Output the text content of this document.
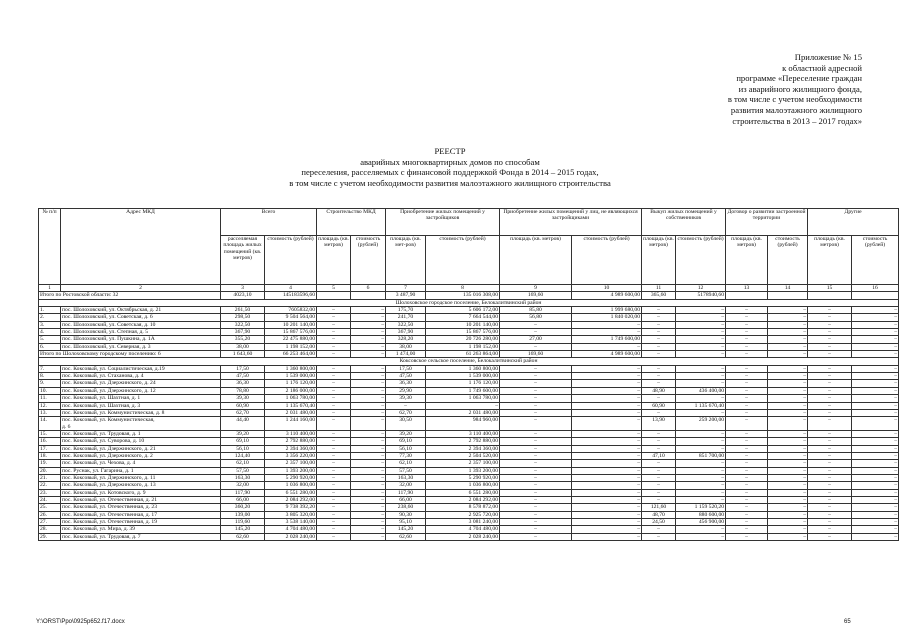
Приложение № 15
к областной адресной
программе «Переселение граждан
из аварийного жилищного фонда,
в том числе с учетом необходимости
развития малоэтажного жилищного
строительства в 2013 – 2017 годах»
РЕЕСТР
аварийных многоквартирных домов по способам
переселения, расселяемых с финансовой поддержкой Фонда в 2014 – 2015 годах,
в том числе с учетом необходимости развития малоэтажного жилищного строительства
№ п/п	Адрес МКД	Всего		Строительство МКД		Приобретение жилых помещений у застройщиков		Приобретение жилых помещений у лиц, не являющихся застройщиками		Выкуп жилых помещений у собственников		Договор о развитии застроенной территории		Другие	
		расселяемая площадь жилых помещений (кв. метров)	стоимость (рублей)	площадь (кв. метров)	стоимость (рублей)	площадь (кв. мет-ров)	стоимость (рублей)	площадь (кв. метров)	стоимость (рублей)	площадь (кв. метров)	стоимость (рублей)	площадь (кв. метров)	стоимость (рублей)	площадь (кв. метров)	стоимость (рублей)
1	2	3	4	5	6	7	8	9	10	11	12	13	14	15	16
Итого по Ростовской области: 32		4023,10	145183596,60			3 487,90	135 016 308,00	169,60	4 989 600,00	365,60	5178940,60				
Шолоховское городское поселение, Белокалитвинский район															
1.	пос. Шолоховский, ул. Октябрьская, д. 21	261,50	7605832,00	–	–	175,70	5 606 172,00	85,80	1 999 680,00	–	–	–	–	–	–
2.	пос. Шолоховский, ул. Советская, д. 6	298,50	9 504 564,00	–	–	241,70	7 664 544,00	56,80	1 840 020,00	–	–	–	–	–	–
3.	пос. Шолоховский, ул. Советская, д. 10	322,50	10 201 140,00	–	–	322,50	10 201 140,00	–	–	–	–	–	–	–	–
4.	пос. Шолоховский, ул. Степная, д. 5	367,90	15 867 576,00	–	–	367,90	15 867 576,00	–	–	–	–	–	–	–	–
5.	пос. Шолоховский, ул. Пушкина, д. 1А	355,20	22 475 880,00	–	–	328,20	20 726 280,00	27,00	1 749 600,00	–	–	–	–	–	–
6.	пос. Шолоховский, ул. Северная, д. 3	38,00	1 198 152,00	–	–	38,00	1 198 152,00	–	–	–	–	–	–	–	–
Итого по Шолоховскому городскому поселению: 6		1 643,60	66 253 464,00	–	–	1 474,00	61 263 864,00	169,60	4 989 600,00	–	–	–	–	–	–
Коксовское сельское поселение, Белокалитвинский район															
7.	пос. Коксовый, ул. Социалистическая, д.19	17,50	1 360 800,00	–	–	17,50	1 360 800,00	–	–	–	–	–	–	–	–
8.	пос. Коксовый, ул. Стаханова, д. 4	47,50	1 539 000,00	–	–	47,50	1 539 000,00	–	–	–	–	–	–	–	–
9.	пос. Коксовый, ул. Дзержинского, д. 24	36,30	1 176 120,00	–	–	36,30	1 176 120,00	–	–	–	–	–	–	–	–
10.	пос. Коксовый, ул. Дзержинского, д. 12	78,80	2 186 000,00	–	–	29,90	1 749 600,00	–	–	48,90	436 400,00	–	–	–	–
11.	пос. Коксовый, ул. Шахтная, д. 1	39,30	1 063 780,00	–	–	39,30	1 063 780,00	–	–	–	–	–	–	–	–
12.	пос. Коксовый, ул. Шахтная, д. 3	60,90	1 135 670,40	–	–	–	–	–	–	60,90	1 135 670,40	–	–	–	–
13.	пос. Коксовый, ул. Коммунистическая, д. 8	62,70	2 031 480,00	–	–	62,70	2 031 480,00	–	–	–	–	–	–	–	–
14.	пос. Коксовый, ул. Коммунистическая,
д. 6	44,40	1 244 160,00	–	–	30,50	984 960,00	–	–	13,90	259 200,00	–	–	–	–
15.	пос. Коксовый, ул. Трудовая, д. 1	39,20	3 110 400,00	–	–	39,20	3 110 400,00	–	–	–	–	–	–	–	–
16.	пос. Коксовый, ул. Суворова, д. 10	69,10	2 792 880,00	–	–	69,10	2 792 880,00	–	–	–	–	–	–	–	–
17.	пос. Коксовый, ул. Дзержинского, д. 21	56,10	2 394 360,00	–	–	56,10	2 394 360,00	–	–	–	–	–	–	–	–
18.	пос. Коксовый, ул. Дзержинского, д. 2	124,40	3 356 220,00	–	–	77,30	2 504 520,00	–	–	47,10	851 700,00	–	–	–	–
19.	пос. Коксовый, ул. Чехова, д. 4	62,10	2 357 100,00	–	–	62,10	2 357 100,00	–	–	–	–	–	–	–	–
20.	пос. Руснак, ул. Гагарина, д. 1	57,50	1 393 200,00	–	–	57,50	1 393 200,00	–	–	–	–	–	–	–	–
21.	пос. Коксовый, ул. Дзержинского, д. 11	163,30	5 290 920,00	–	–	163,30	5 290 920,00	–	–	–	–	–	–	–	–
22.	пос. Коксовый, ул. Дзержинского, д. 13	32,00	1 036 800,00	–	–	32,00	1 036 800,00	–	–	–	–	–	–	–	–
23.	пос. Коксовый, ул. Котовского, д. 9	117,90	6 551 280,00	–	–	117,90	6 551 280,00	–	–	–	–	–	–	–	–
24.	пос. Коксовый, ул. Отечественная, д. 21	66,00	2 084 292,00	–	–	66,00	2 084 292,00	–	–	–	–	–	–	–	–
25.	пос. Коксовый, ул. Отечественная, д. 23	360,20	9 738 392,20	–	–	238,60	8 578 872,00	–	–	121,60	1 159 520,20	–	–	–	–
26.	пос. Коксовый, ул. Отечественная, д. 17	139,00	3 805 320,00	–	–	90,30	2 925 720,00	–	–	48,70	880 600,00	–	–	–	–
27.	пос. Коксовый, ул. Отечественная, д. 19	119,60	3 538 140,00	–	–	95,10	3 081 240,00	–	–	24,50	456 900,00	–	–	–	–
28.	пос. Коксовый, ул. Мира, д. 39	145,20	4 704 480,00	–	–	145,20	4 704 480,00	–	–	–	–	–	–	–	–
29.	пос. Коксовый, ул. Трудовая, д. 7	62,60	2 028 240,00	–	–	62,60	2 028 240,00	–	–	–	–	–	–	–	–
Y:\ORST\Ppo\0925p652.f17.docx	65
